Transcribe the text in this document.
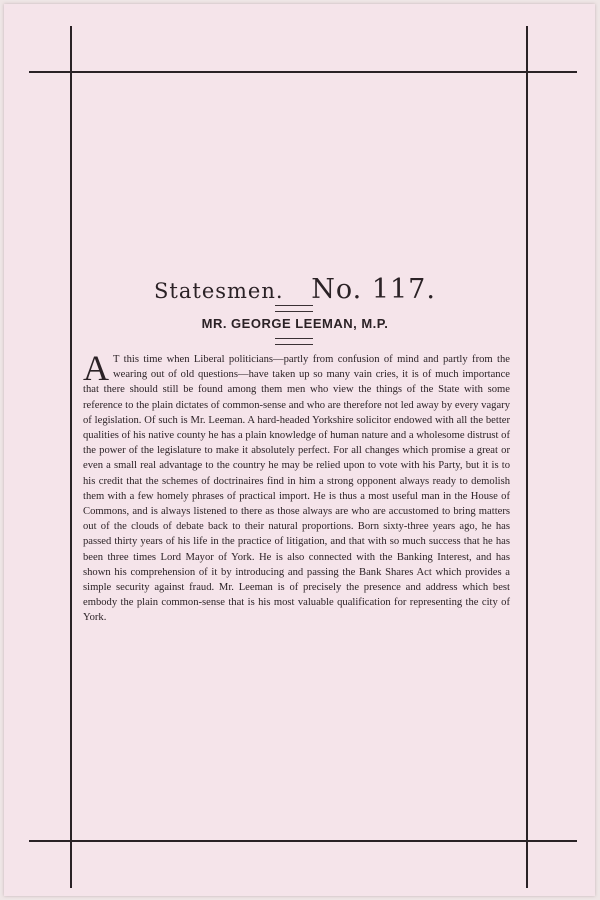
Statesmen. No. 117.
MR. GEORGE LEEMAN, M.P.

A T this time when Liberal politicians—partly from confusion of mind and partly from the wearing out of old questions—have taken up so many vain cries, it is of much importance that there should still be found among them men who view the things of the State with some reference to the plain dictates of common-sense and who are therefore not led away by every vagary of legislation. Of such is Mr. Leeman. A hard-headed Yorkshire solicitor endowed with all the better qualities of his native county he has a plain knowledge of human nature and a wholesome distrust of the power of the legislature to make it absolutely perfect. For all changes which promise a great or even a small real advantage to the country he may be relied upon to vote with his Party, but it is to his credit that the schemes of doctrinaires find in him a strong opponent always ready to demolish them with a few homely phrases of practical import. He is thus a most useful man in the House of Commons, and is always listened to there as those always are who are accustomed to bring matters out of the clouds of debate back to their natural proportions. Born sixty-three years ago, he has passed thirty years of his life in the practice of litigation, and that with so much success that he has been three times Lord Mayor of York. He is also connected with the Banking Interest, and has shown his comprehension of it by introducing and passing the Bank Shares Act which provides a simple security against fraud. Mr. Leeman is of precisely the presence and address which best embody the plain common-sense that is his most valuable qualification for representing the city of York.
